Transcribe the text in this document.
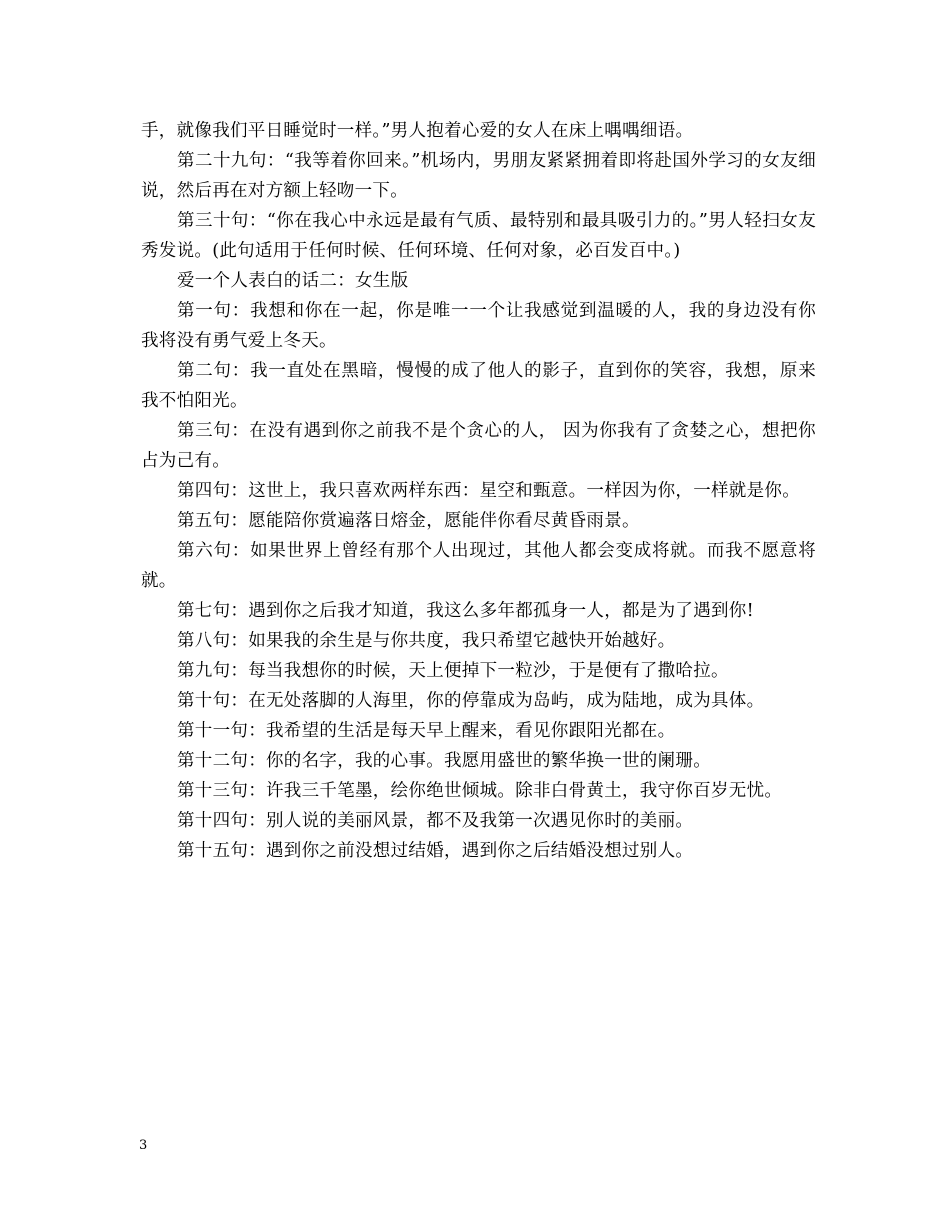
手，就像我们平日睡觉时一样。”男人抱着心爱的女人在床上喁喁细语。

第二十九句：“我等着你回来。”机场内，男朋友紧紧拥着即将赴国外学习的女友细说，然后再在对方额上轻吻一下。

第三十句：“你在我心中永远是最有气质、最特别和最具吸引力的。”男人轻扫女友秀发说。(此句适用于任何时候、任何环境、任何对象，必百发百中。)

爱一个人表白的话二：女生版

第一句：我想和你在一起，你是唯一一个让我感觉到温暖的人，我的身边没有你我将没有勇气爱上冬天。

第二句：我一直处在黑暗，慢慢的成了他人的影子，直到你的笑容，我想，原来我不怕阳光。

第三句：在没有遇到你之前我不是个贪心的人， 因为你我有了贪婪之心，想把你占为己有。

第四句：这世上，我只喜欢两样东西：星空和甄意。一样因为你，一样就是你。

第五句：愿能陪你赏遍落日熔金，愿能伴你看尽黄昏雨景。

第六句：如果世界上曾经有那个人出现过，其他人都会变成将就。而我不愿意将就。

第七句：遇到你之后我才知道，我这么多年都孤身一人，都是为了遇到你!

第八句：如果我的余生是与你共度，我只希望它越快开始越好。

第九句：每当我想你的时候，天上便掉下一粒沙，于是便有了撒哈拉。

第十句：在无处落脚的人海里，你的停靠成为岛屿，成为陆地，成为具体。

第十一句：我希望的生活是每天早上醒来，看见你跟阳光都在。

第十二句：你的名字，我的心事。我愿用盛世的繁华换一世的阑珊。

第十三句：许我三千笔墨，绘你绝世倾城。除非白骨黄土，我守你百岁无忧。

第十四句：别人说的美丽风景，都不及我第一次遇见你时的美丽。

第十五句：遇到你之前没想过结婚，遇到你之后结婚没想过别人。

3
